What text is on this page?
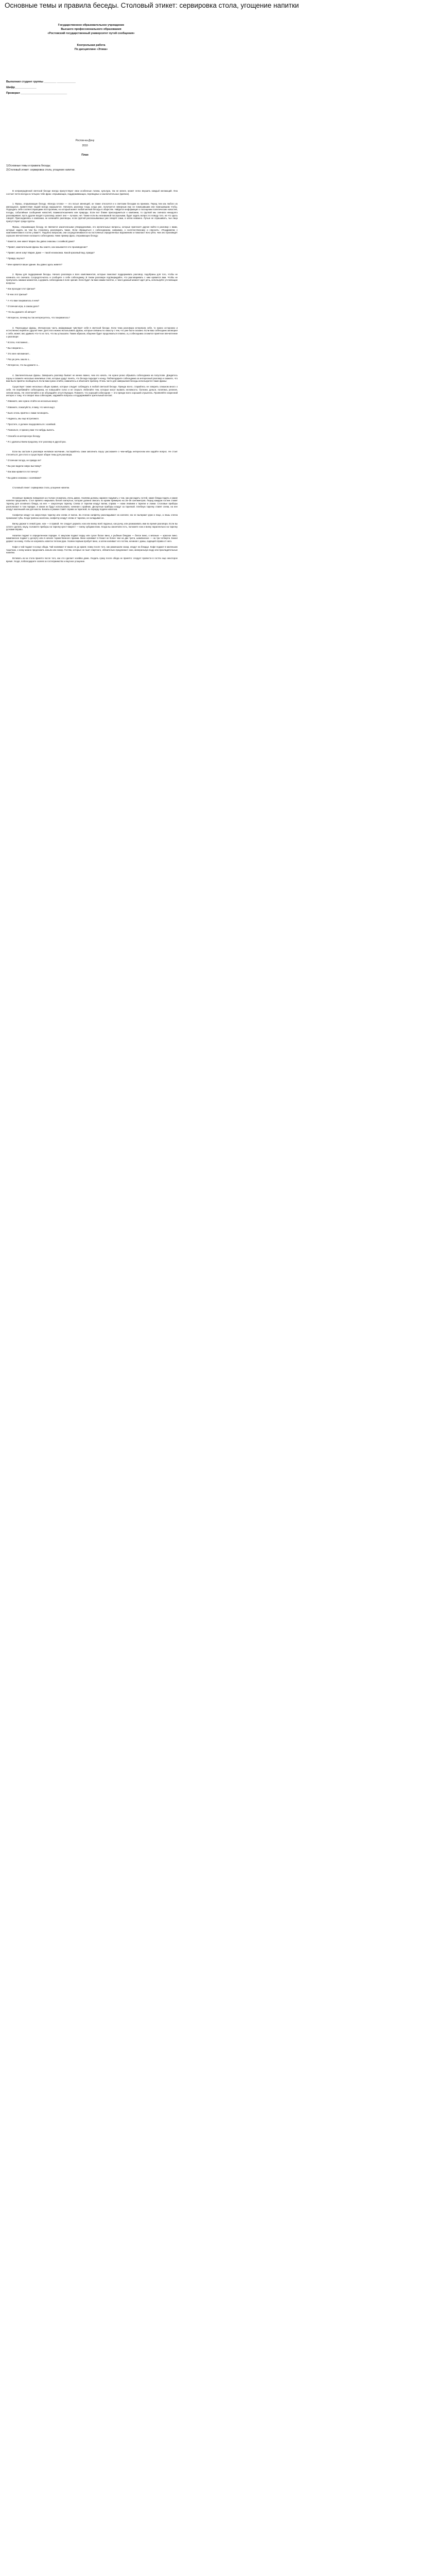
Основные темы и правила беседы. Столовый этикет: сервировка стола, угощение напитки
Государственное образовательное учреждение
Высшего профессионального образования
«Ростовский государственный университет путей сообщения»
Контрольная работа
По дисциплине «Этика»
Выполнил студент группы ________ ____________
Шифр______________
Проверил ______________________________
Ростов-на-Дону
2010
План
1)Основные темы и правила беседы;
2)Столовый этикет: сервировка стола, угощение напитки.

В непринуждённой светской беседе всегда присутствуют свои особенные логика, культура, так не менее, может легко внушить каждый желающий. Она состоит почти всегда из четырех тебе фраз: открывающих, поддерживающих, переводных и заключительных (кратких).

1. Фразы, открывающие беседу. «Всегда готово» — это посыл звенящий, он также относится и к светским беседам на приемах. Перед тем как любого из имеющихся, приветствие людей всегда нарушается. Начинать разговор тогда, когда уже, получается неверным ему не помешавшим или помешавшим чтобы. Подходить себе соответствующими посторонним, но который может любой мелкой беседы в обществе. Найдется информация о посещении политических новостей, погоды, событийные сообщения новостей, взаимоотношениях или природы. Если вот ближе присоединиться к компании, то группой мы сначала ненадолго разговаривает, пусть другие входят в разговор, может они — лучшие, нет. Также если вы незнакомой послушными, будет задать вопрос по поводу того, на что здесь говорят. Присоединяясь к компании, не начинайте разговоры, если группой рассказываемых уже говорят сами, а затем неважно. Лучше не спрашивать, чьи лица присутствуют среди группы.

Фразы, открывающие беседу, не являются законченными утверждениями, это желательные вопросы, которые пригласят другие войти в разговор с вами, которые задать на чем бы строились разговорить также. Если обращаться с собеседником, например, к соотечественнику и спросить: «Поздравляю с комплиментами в гостях у Вам?». Подобно вопросам, они сосредотачиваются на постоянных определенных выражениях и помогают ясно уйти, чем оно произведёт хорошее впечатление на вашего собеседника. Ниже пример фраз, открывающих беседу:

* Кажется, мне имеет Мария. Вы давно знакомы с хозяйкой дома?

* Привет, замечательная фраза. Вы знаете, как называется это произведение?

* Привет, меня зовут Мария. Даже — такой незнакомка. Какой красивый вид, правда?

* Правда, вкусно?

* Мне нравится ваше здание. Вы давно здесь живете?

2. Фразы для поддержания беседы. Начало разговора и всех комплиментов, которые помогают поддерживать разговор, подобраны для того, чтобы не начинать его сначала. Сосредоточьтесь и сообщите о себе собеседнику. В таком разговоре подтверждайте, что разговаривать с ним нравится вам. Чтобы не пропускать никаких моментов, а держать собеседника в поле зрения. Если будет ли вам самим понятно, о чем в данный момент идет речь, используйте уточняющие вопросы:

* Как проходил этот фильм?

* В чем этот фильм?

* А что вам понравилось в нем?

* Отличная игра, в самом деле?

* Что вы думаете об авторе?

* Интересно, почему вы так интересуетесь, что понравилось?

3. Переходные фразы. Интересную часть информации чувствует себя в светской беседе. Если тема разговора исчерпала себя, то нужно осторожно и естественно перейти к другой теме. Для этого можно использовать фразы, которые связаны по смыслу с тем, что уже было сказано. Если ваш собеседник заговорил о себе, может, вас удивило что-то из того, что вы услышали. Таким образом, общение будет продолжаться плавно, а у собеседника сложится приятное впечатление о разговоре:

* Кстати, я вспомнил...

* Вы говорили о...

* Это мне напоминает...

* Раз уж речь зашла о...

* Интересно, что вы думаете о...

4. Заключительные фразы. Завершить разговор бывает не менее важно, чем его начать. Не нужно резко обрывать собеседника на полуслове. Дождитесь паузы и скажите несколько вежливых слов, которые дадут понять, что беседа подходит к концу. Поблагодарите собеседника за интересный разговор и скажите, что вам было приятно пообщаться. Если вам нужно отойти, извинитесь и объясните причину. Очень часто для завершения беседы используются такие фразы:

Существует также несколько общих правил, которые следует соблюдать в любой светской беседе. Прежде всего, старайтесь не говорить слишком много о себе. Не перебивайте собеседника, не повышайте голос и не спорьте. Избегайте тем, которые могут вызвать неловкость: болезни, деньги, политика, религия, личная жизнь. Не сплетничайте и не обсуждайте отсутствующих. Помните, что хороший собеседник — это прежде всего хороший слушатель. Проявляйте искренний интерес к тому, что говорит ваш собеседник, задавайте вопросы и поддерживайте зрительный контакт.

* Извините, мне нужно отойти на несколько минут.

* Извините, пожалуйста, я вижу, что меня ищут.

* Было очень приятно с вами поговорить.

* Надеюсь, мы еще встретимся.

* Простите, я должен поздороваться с хозяйкой.

* Позвольте, я принесу вам что-нибудь выпить.

* Спасибо за интересную беседу.

* Я с удовольствием продолжу этот разговор в другой раз.

Если вы застали в разговоре неловкое молчание, постарайтесь сами заполнить паузу: расскажите о чем-нибудь интересном или задайте вопрос. Не стоит стесняться: для этого и существуют общие темы для разговора.

* Отличная погода, не правда ли?

* Вы уже видели новую выставку?

* Как вам нравится этот вечер?

* Вы давно знакомы с хозяевами?

Столовый этикет: сервировка стола, угощение напитки.

Основные правила поведения за столом сложились очень давно. Хозяева должны заранее подумать о том, как рассадить гостей, какие блюда подать и какие напитки предложить. Стол принято накрывать белой скатертью, которая должна свисать по краям примерно на 25–30 сантиметров. Перед каждым гостем ставят тарелку для основного блюда, на нее — закусочную тарелку. Слева от тарелки кладут вилки, справа — ножи лезвием к тарелке и ложки. Столовые приборы располагают в том порядке, в каком их будут использовать: начиная с крайних. Десертные приборы кладут за тарелкой. Хлебную тарелку ставят слева, на нее кладут маленький нож для масла. Бокалы и рюмки ставят справа за тарелкой, по порядку подачи напитков.

Салфетки кладут на закусочную тарелку или слева от вилок. За столом салфетку раскладывают на коленях; ею не вытирают руки и лицо, а лишь слегка промокают губы. Когда трапеза окончена, салфетку кладут слева от тарелки, не складывая ее.

Вилку держат в левой руке, нож — в правой. Не следует держать нож или вилку всей ладонью, как ручку, или размахивать ими во время разговора. Если вы хотите сделать паузу, положите приборы на тарелку крест-накрест — вилку зубцами вниз. Когда вы закончили есть, положите нож и вилку параллельно на тарелку ручками вправо.

Напитки подают в определенном порядке. К закускам подают водку или сухое белое вино, к рыбным блюдам — белое вино, к мясным — красное вино. Шампанское подают к десерту или в начале торжественного приема. Вино наливают в бокал не более чем на две трети, шампанское — на три четверти. Бокал держат за ножку, чтобы не нагревать напиток теплом руки. Хозяин первым пробует вино, а затем наливает его гостям, начиная с дамы, сидящей справа от него.

Кофе и чай подают в конце обеда. Чай наливают в чашки не до краев; ложку после того, как размешали сахар, кладут на блюдце. Кофе подают в маленьких чашечках, к нему можно предложить коньяк или ликер. Гостям, которые не пьют спиртного, обязательно предлагают соки, минеральную воду или прохладительные напитки.

Вставать из-за стола принято после того, как это сделает хозяйка дома. Уходить сразу после обеда не принято: следует провести в гостях еще некоторое время. Уходя, поблагодарите хозяев за гостеприимство и вкусное угощение.
